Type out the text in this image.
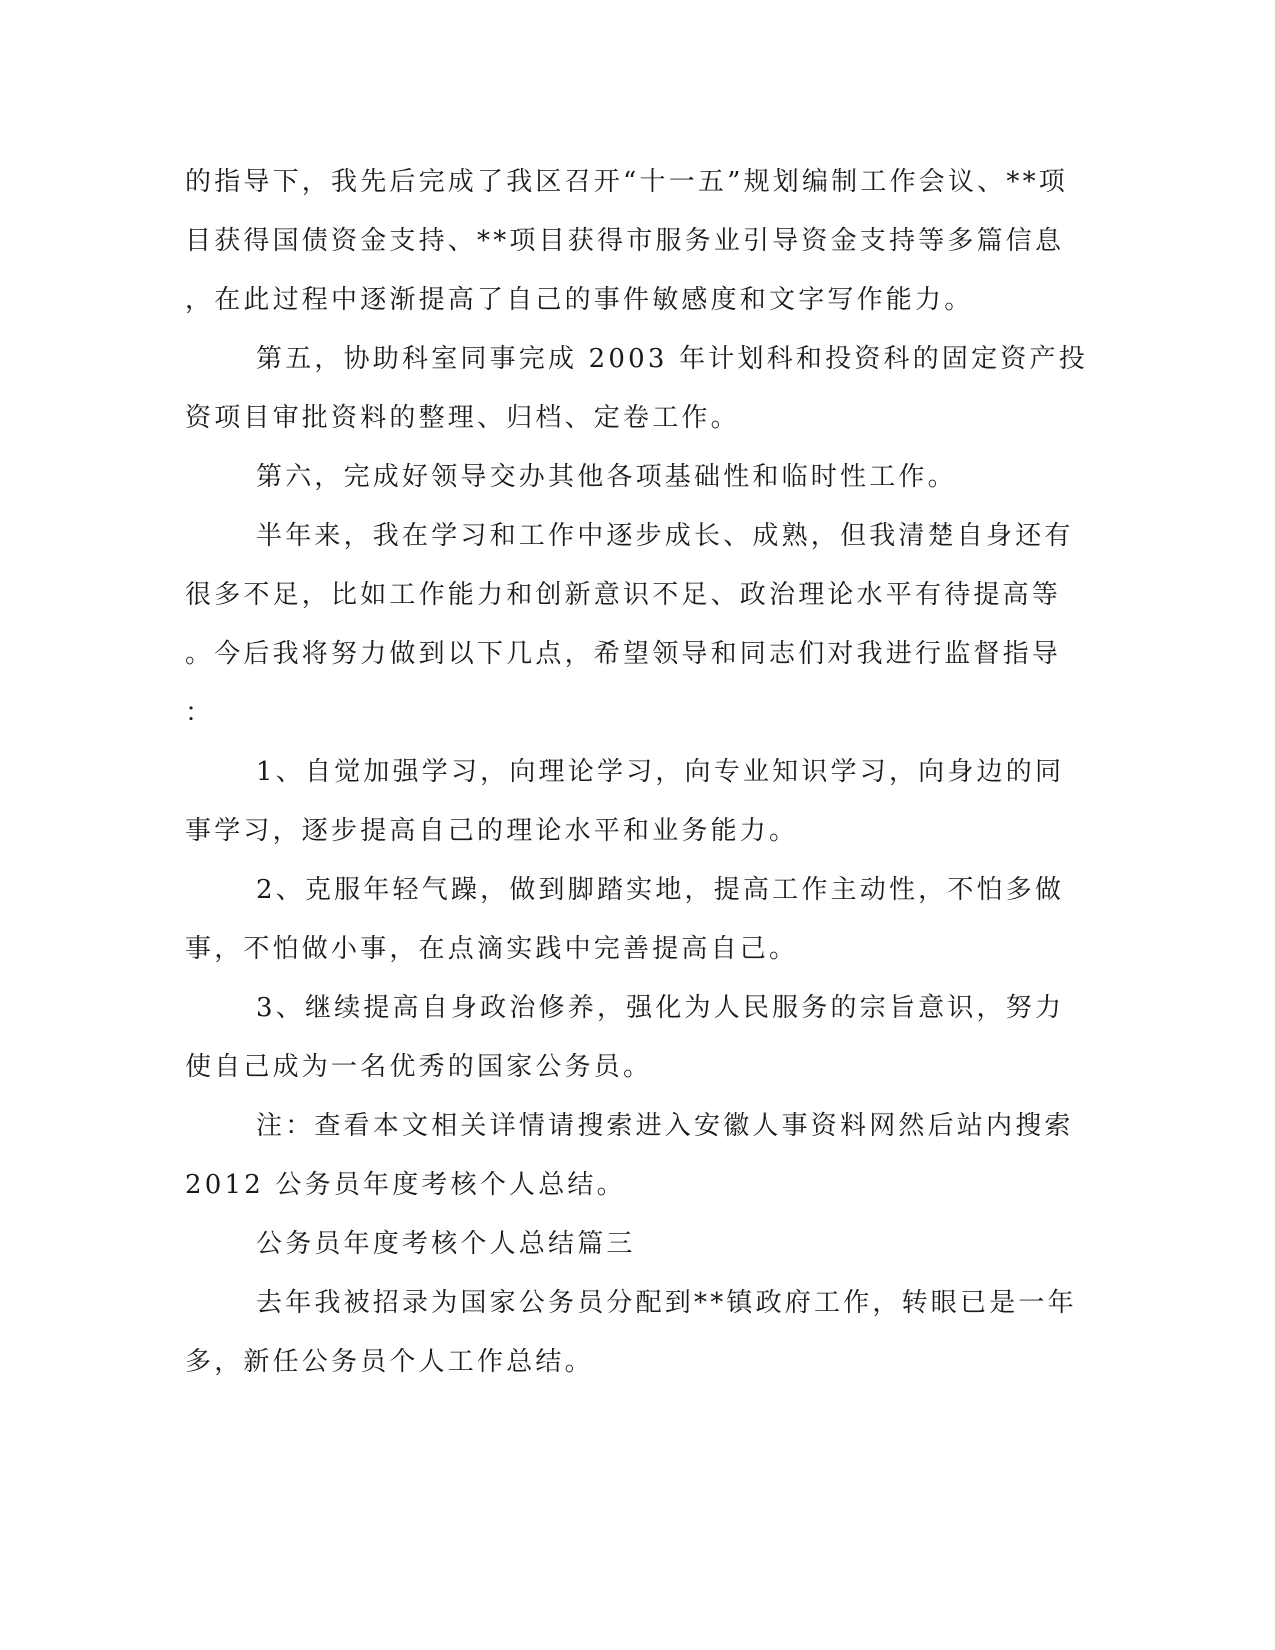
的指导下，我先后完成了我区召开“十一五”规划编制工作会议、**项
目获得国债资金支持、**项目获得市服务业引导资金支持等多篇信息
，在此过程中逐渐提高了自己的事件敏感度和文字写作能力。
第五，协助科室同事完成 2003 年计划科和投资科的固定资产投
资项目审批资料的整理、归档、定卷工作。
第六，完成好领导交办其他各项基础性和临时性工作。
半年来，我在学习和工作中逐步成长、成熟，但我清楚自身还有
很多不足，比如工作能力和创新意识不足、政治理论水平有待提高等
。今后我将努力做到以下几点，希望领导和同志们对我进行监督指导
：
1、自觉加强学习，向理论学习，向专业知识学习，向身边的同
事学习，逐步提高自己的理论水平和业务能力。
2、克服年轻气躁，做到脚踏实地，提高工作主动性，不怕多做
事，不怕做小事，在点滴实践中完善提高自己。
3、继续提高自身政治修养，强化为人民服务的宗旨意识，努力
使自己成为一名优秀的国家公务员。
注：查看本文相关详情请搜索进入安徽人事资料网然后站内搜索
2012 公务员年度考核个人总结。
公务员年度考核个人总结篇三
去年我被招录为国家公务员分配到**镇政府工作，转眼已是一年
多，新任公务员个人工作总结。
